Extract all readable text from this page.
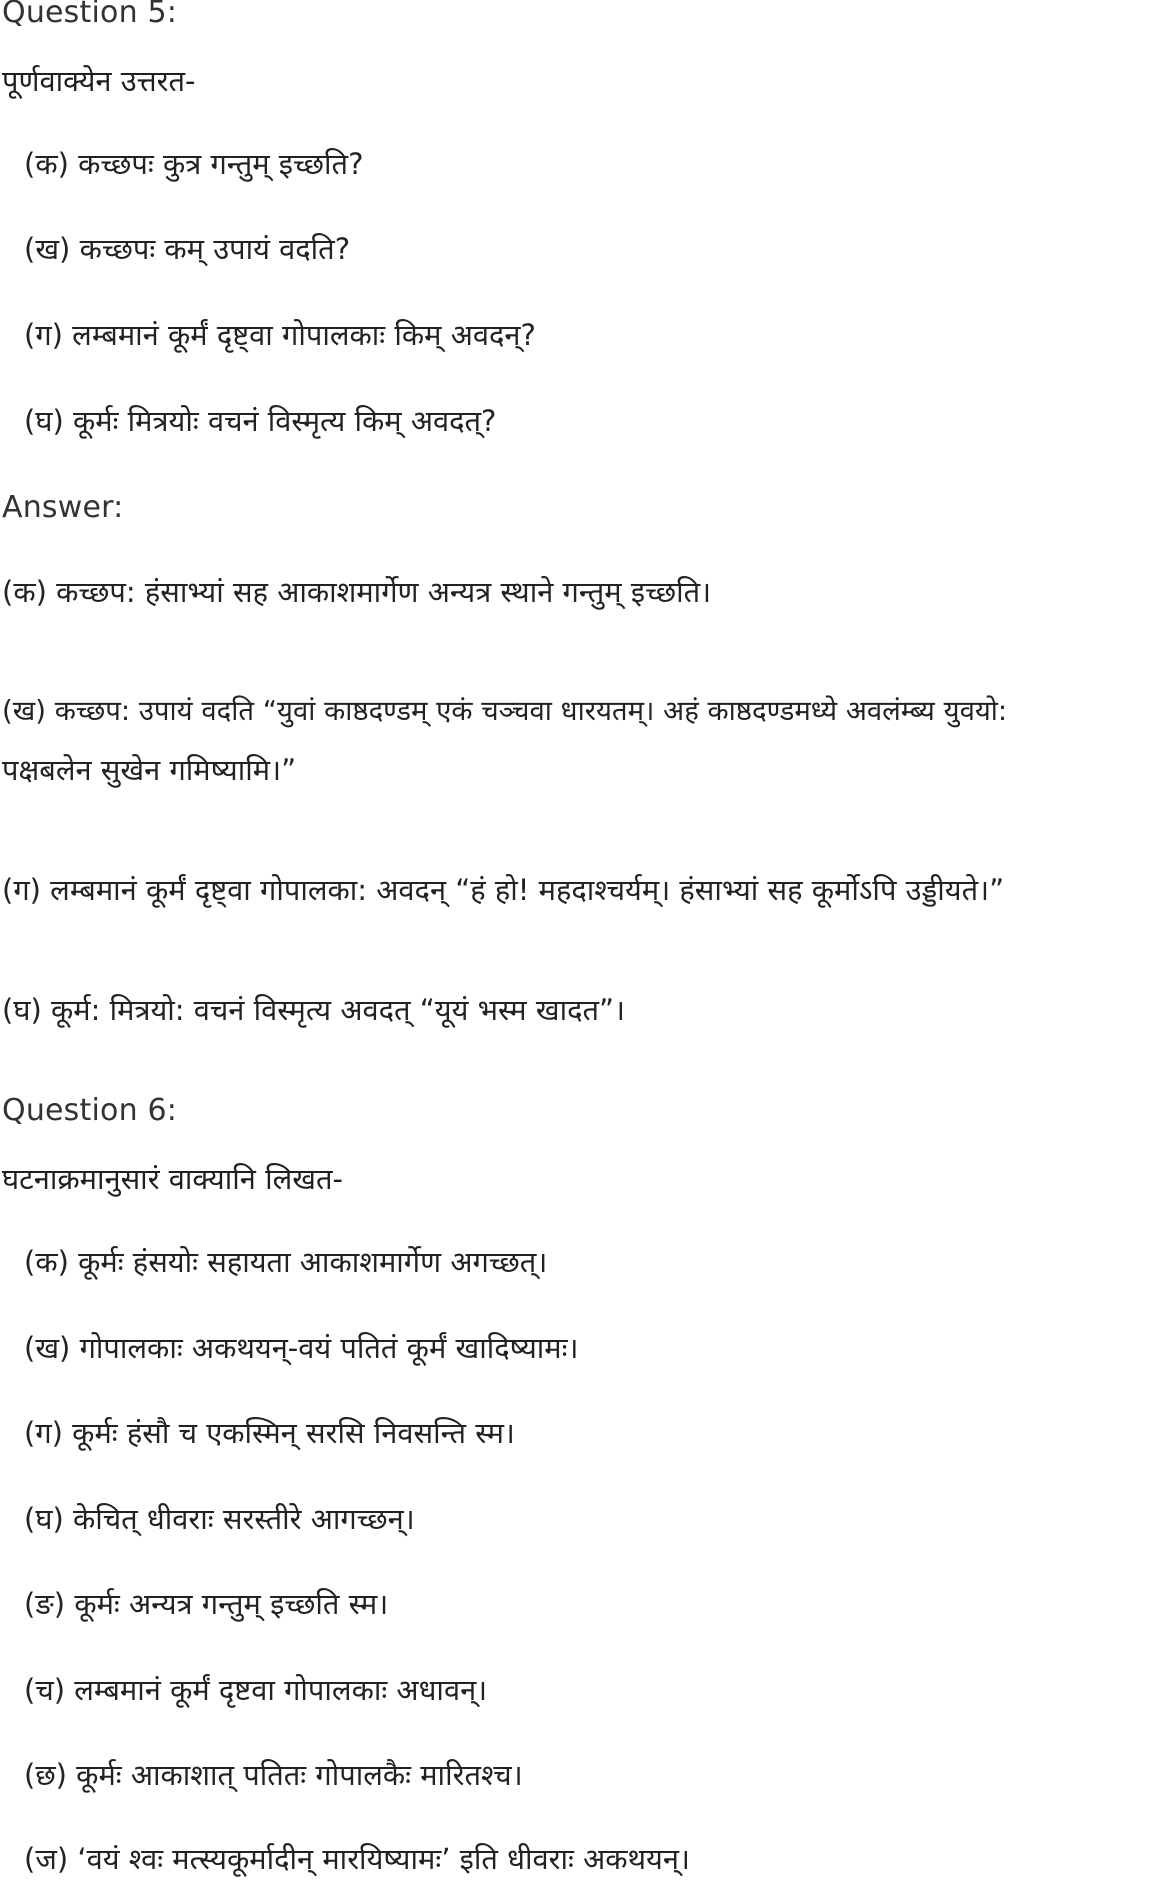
Question 5:
पूर्णवाक्येन उत्तरत-
(क) कच्छपः कुत्र गन्तुम् इच्छति?
(ख) कच्छपः कम् उपायं वदति?
(ग) लम्बमानं कूर्मं दृष्ट्वा गोपालकाः किम् अवदन्?
(घ) कूर्मः मित्रयोः वचनं विस्मृत्य किम् अवदत्?
Answer:
(क) कच्छप: हंसाभ्यां सह आकाशमार्गेण अन्यत्र स्थाने गन्तुम् इच्छति।
(ख) कच्छप: उपायं वदति “युवां काष्ठदण्डम् एकं चञ्चवा धारयतम्। अहं काष्ठदण्डमध्ये अवलंम्ब्य युवयो:
पक्षबलेन सुखेन गमिष्यामि।”
(ग) लम्बमानं कूर्मं दृष्ट्वा गोपालका: अवदन् “हं हो! महदाश्चर्यम्। हंसाभ्यां सह कूर्मोऽपि उड्डीयते।”
(घ) कूर्म: मित्रयो: वचनं विस्मृत्य अवदत् “यूयं भस्म खादत”।
Question 6:
घटनाक्रमानुसारं वाक्यानि लिखत-
(क) कूर्मः हंसयोः सहायता आकाशमार्गेण अगच्छत्।
(ख) गोपालकाः अकथयन्-वयं पतितं कूर्मं खादिष्यामः।
(ग) कूर्मः हंसौ च एकस्मिन् सरसि निवसन्ति स्म।
(घ) केचित् धीवराः सरस्तीरे आगच्छन्।
(ङ) कूर्मः अन्यत्र गन्तुम् इच्छति स्म।
(च) लम्बमानं कूर्मं दृष्टवा गोपालकाः अधावन्।
(छ) कूर्मः आकाशात् पतितः गोपालकैः मारितश्च।
(ज) ‘वयं श्वः मत्स्यकूर्मादीन् मारयिष्यामः’ इति धीवराः अकथयन्।
